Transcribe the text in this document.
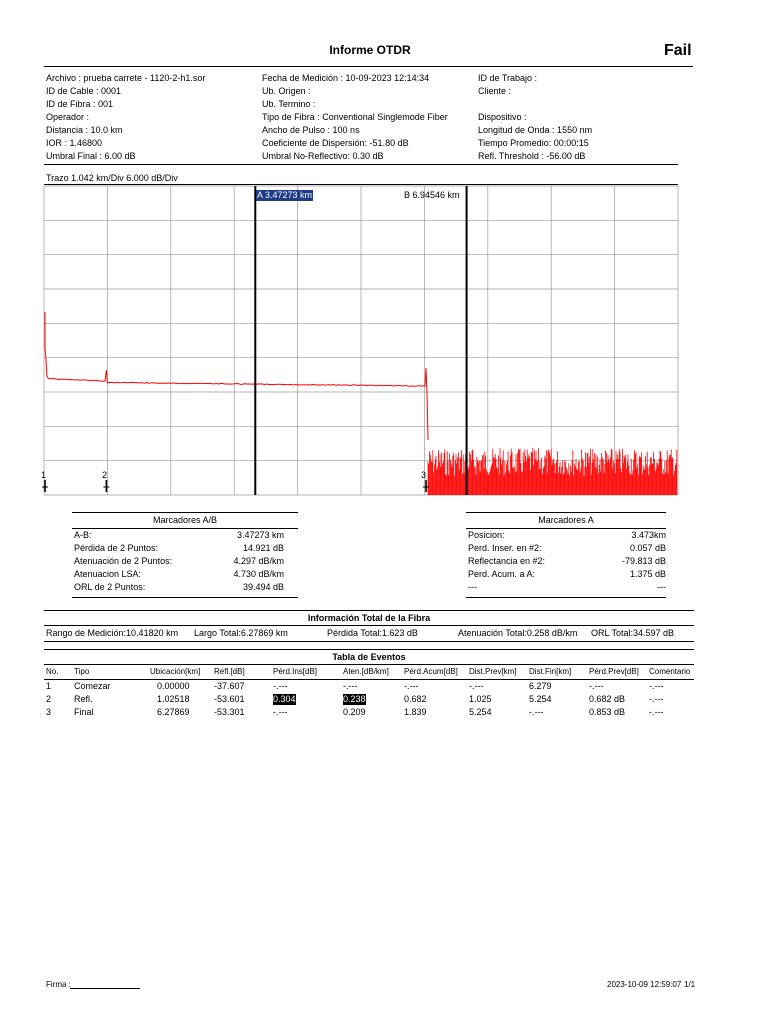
Informe OTDR	Fail
Archivo : prueba carrete - 1120-2-h1.sor
ID de Cable : 0001
ID de Fibra : 001
Operador :
Distancia : 10.0 km
IOR : 1.46800
Umbral Final : 6.00 dB
Fecha de Medición : 10-09-2023 12:14:34
Ub. Origen :
Ub. Termino :
Tipo de Fibra : Conventional Singlemode Fiber
Ancho de Pulso : 100 ns
Coeficiente de Dispersión: -51.80 dB
Umbral No-Reflectivo: 0.30 dB
ID de Trabajo :
Cliente :
Dispositivo :
Longitud de Onda : 1550 nm
Tiempo Promedio: 00:00:15
Refl. Threshold : -56.00 dB
Trazo 1.042 km/Div 6.000 dB/Div
A 3.47273 km	B 6.94546 km
1	2	3
Marcadores A/B
A-B:	3.47273 km
Pérdida de 2 Puntos:	14.921 dB
Atenuación de 2 Puntos:	4.297 dB/km
Atenuacion LSA:	4.730 dB/km
ORL de 2 Puntos:	39.494 dB
Marcadores A
Posicion:	3.473km
Perd. Inser. en #2:	0.057 dB
Reflectancia en #2:	-79.813 dB
Perd. Acum. a A:	1.375 dB
---	---
Información Total de la Fibra
Rango de Medición:10.41820 km Largo Total:6.27869 km	Pérdida Total:1.623 dB	Atenuación Total:0.258 dB/km ORL Total:34.597 dB
Tabla de Eventos
No. Tipo	Ubicación[km] Refl.[dB]	Pérd.Ins[dB]	Aten.[dB/km] Pérd.Acum[dB] Dist.Prev[km] Dist.Fin[km] Pérd.Prev[dB] Comentario
1	Comezar	0.00000	-37.607	-.---	-.---	-.---	-.---	6.279	-.---	-.---
2	Refl.	1.02518	-53.601	0.304	0.238	0.682	1.025	5.254	0.682 dB	-.---
3	Final	6.27869	-53.301	-.---	0.209	1.839	5.254	-.---	0.853 dB	-.---
Firma :	2023-10-09 12:59:07 1/1
